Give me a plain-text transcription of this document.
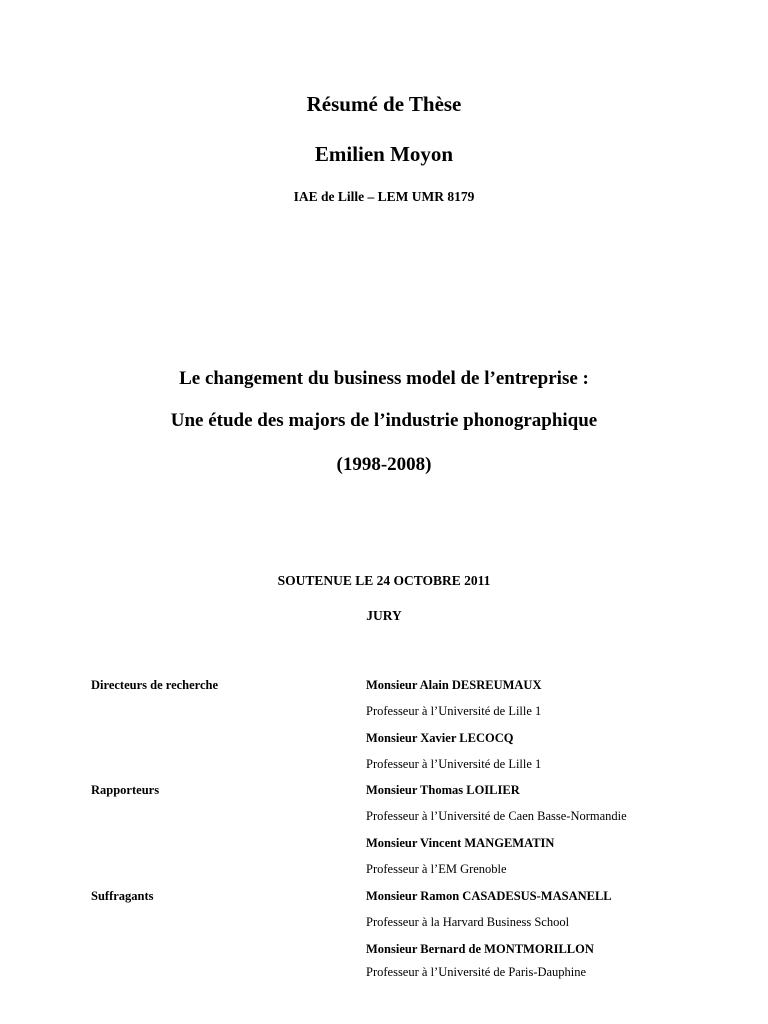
Résumé de Thèse
Emilien Moyon
IAE de Lille – LEM UMR 8179
Le changement du business model de l’entreprise :
Une étude des majors de l’industrie phonographique
(1998-2008)
SOUTENUE LE 24 OCTOBRE 2011
JURY
Directeurs de recherche
Rapporteurs
Suffragants
Monsieur Alain DESREUMAUX
Professeur à l’Université de Lille 1
Monsieur Xavier LECOCQ
Professeur à l’Université de Lille 1
Monsieur Thomas LOILIER
Professeur à l’Université de Caen Basse-Normandie
Monsieur Vincent MANGEMATIN
Professeur à l’EM Grenoble
Monsieur Ramon CASADESUS-MASANELL
Professeur à la Harvard Business School
Monsieur Bernard de MONTMORILLON
Professeur à l’Université de Paris-Dauphine
